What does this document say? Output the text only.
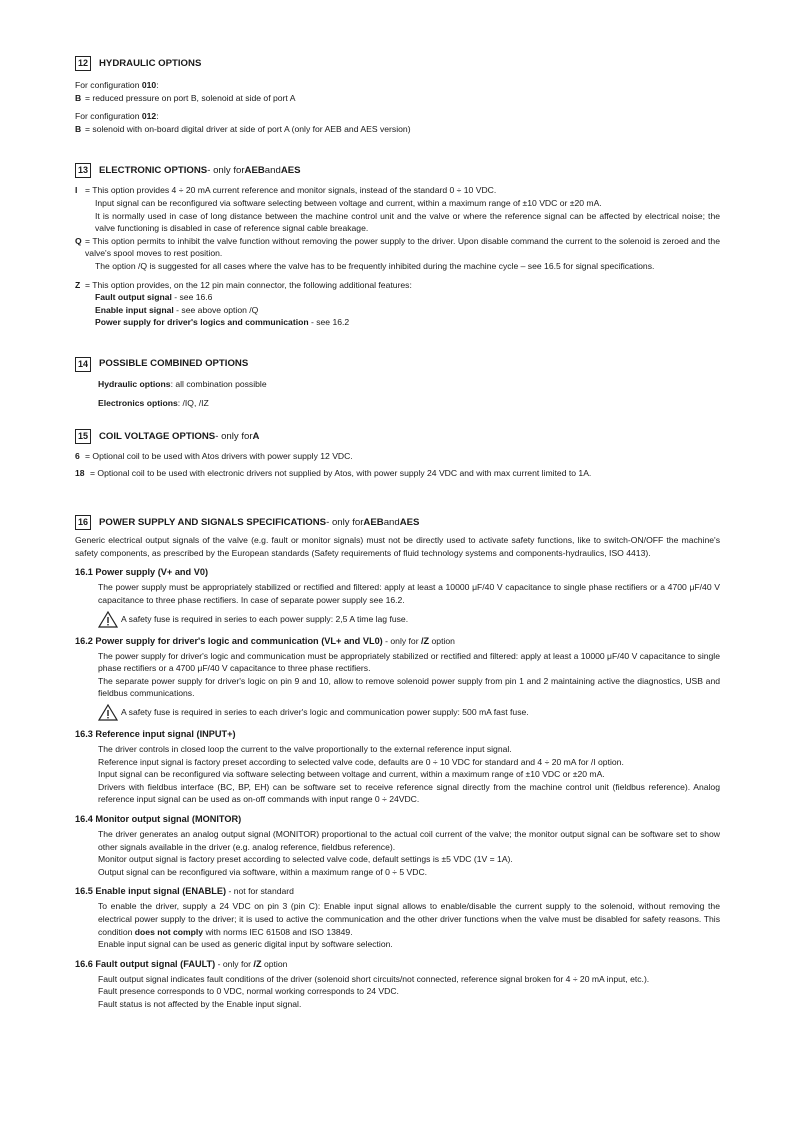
12	HYDRAULIC OPTIONS

For configuration 010:

B = reduced pressure on port B, solenoid at side of port A

For configuration 012:

B = solenoid with on-board digital driver at side of port A (only for AEB and AES version)
13	ELECTRONIC OPTIONS - only for AEB and AES
I = This option provides 4 ÷ 20 mA current reference and monitor signals, instead of the standard 0 ÷ 10 VDC.

Input signal can be reconfigured via software selecting between voltage and current, within a maximum range of ±10 VDC or ±20 mA.

It is normally used in case of long distance between the machine control unit and the valve or where the reference signal can be affected by electrical noise; the valve functioning is disabled in case of reference signal cable breakage.

Q = This option permits to inhibit the valve function without removing the power supply to the driver. Upon disable command the current to the solenoid is zeroed and the valve's spool moves to rest position.

The option /Q is suggested for all cases where the valve has to be frequently inhibited during the machine cycle – see 16.5 for signal specifications.

Z = This option provides, on the 12 pin main connector, the following additional features:

Fault output signal - see 16.6

Enable input signal - see above option /Q

Power supply for driver's logics and communication - see 16.2

14	POSSIBLE COMBINED OPTIONS

Hydraulic options: all combination possible

Electronics options: /IQ, /IZ

15	COIL VOLTAGE OPTIONS - only for A
6 = Optional coil to be used with Atos drivers with power supply 12 VDC.
18 = Optional coil to be used with electronic drivers not supplied by Atos, with power supply 24 VDC and with max current limited to 1A.
16	POWER SUPPLY AND SIGNALS SPECIFICATIONS - only for AEB and AES

Generic electrical output signals of the valve (e.g. fault or monitor signals) must not be directly used to activate safety functions, like to switch-ON/OFF the machine's safety components, as prescribed by the European standards (Safety requirements of fluid technology systems and components-hydraulics, ISO 4413).

16.1 Power supply (V+ and V0)

The power supply must be appropriately stabilized or rectified and filtered: apply at least a 10000 μF/40 V capacitance to single phase rectifiers or a 4700 μF/40 V capacitance to three phase rectifiers. In case of separate power supply see 16.2.

A safety fuse is required in series to each power supply: 2,5 A time lag fuse.
16.2 Power supply for driver's logic and communication (VL+ and VL0) - only for /Z option

The power supply for driver's logic and communication must be appropriately stabilized or rectified and filtered: apply at least a 10000 μF/40 V capacitance to single phase rectifiers or a 4700 μF/40 V capacitance to three phase rectifiers.

The separate power supply for driver's logic on pin 9 and 10, allow to remove solenoid power supply from pin 1 and 2 maintaining active the diagnostics, USB and fieldbus communications.

A safety fuse is required in series to each driver's logic and communication power supply: 500 mA fast fuse.
16.3 Reference input signal (INPUT+)

The driver controls in closed loop the current to the valve proportionally to the external reference input signal.

Reference input signal is factory preset according to selected valve code, defaults are 0 ÷ 10 VDC for standard and 4 ÷ 20 mA for /I option.

Input signal can be reconfigured via software selecting between voltage and current, within a maximum range of ±10 VDC or ±20 mA.

Drivers with fieldbus interface (BC, BP, EH) can be software set to receive reference signal directly from the machine control unit (fieldbus reference). Analog reference input signal can be used as on-off commands with input range 0 ÷ 24VDC.

16.4 Monitor output signal (MONITOR)

The driver generates an analog output signal (MONITOR) proportional to the actual coil current of the valve; the monitor output signal can be software set to show other signals available in the driver (e.g. analog reference, fieldbus reference).

Monitor output signal is factory preset according to selected valve code, default settings is ±5 VDC (1V = 1A).

Output signal can be reconfigured via software, within a maximum range of 0 ÷ 5 VDC.

16.5 Enable input signal (ENABLE) - not for standard

To enable the driver, supply a 24 VDC on pin 3 (pin C): Enable input signal allows to enable/disable the current supply to the solenoid, without removing the electrical power supply to the driver; it is used to active the communication and the other driver functions when the valve must be disabled for safety reasons. This condition does not comply with norms IEC 61508 and ISO 13849.

Enable input signal can be used as generic digital input by software selection.

16.6 Fault output signal (FAULT) - only for /Z option

Fault output signal indicates fault conditions of the driver (solenoid short circuits/not connected, reference signal broken for 4 ÷ 20 mA input, etc.).

Fault presence corresponds to 0 VDC, normal working corresponds to 24 VDC.

Fault status is not affected by the Enable input signal.
